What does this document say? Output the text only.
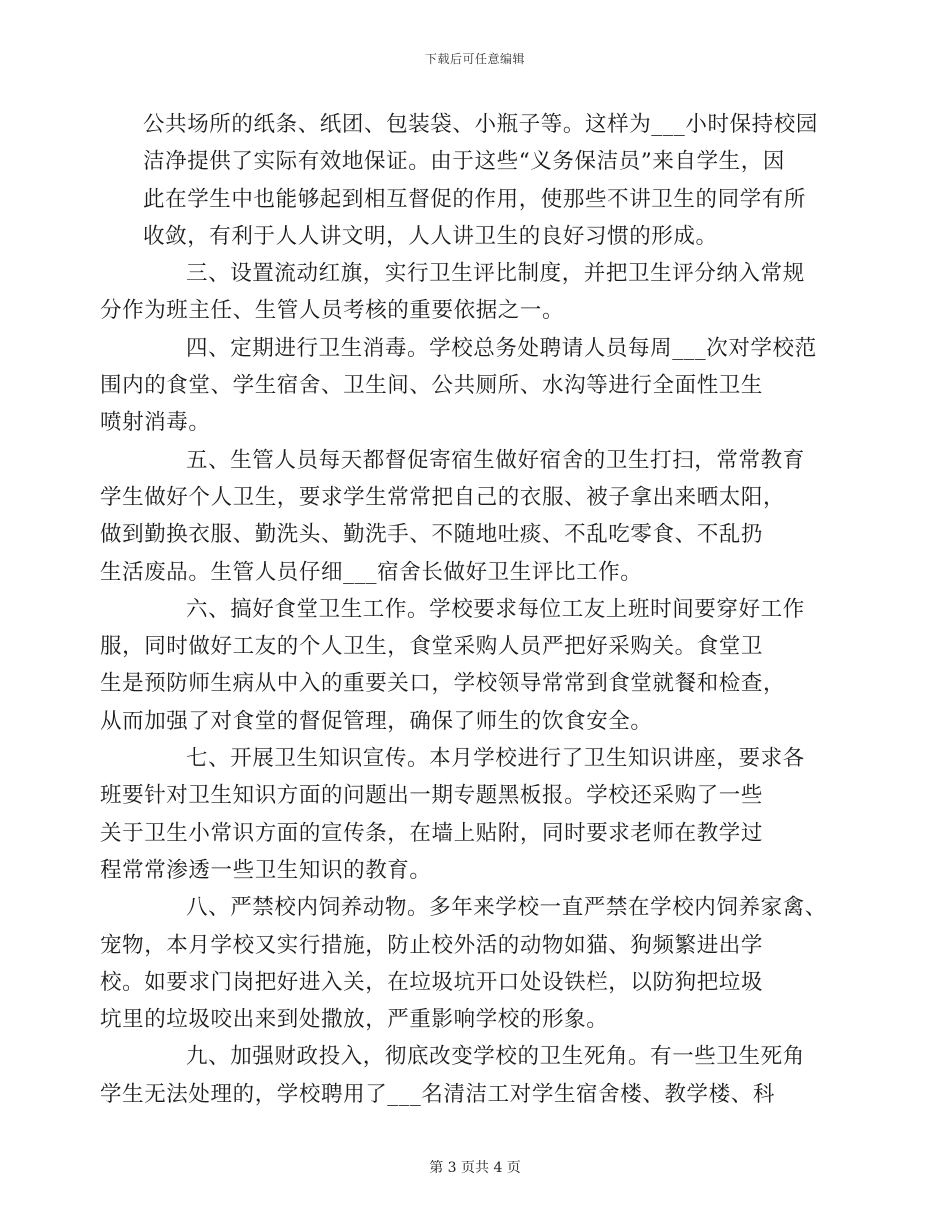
下载后可任意编辑
公共场所的纸条、纸团、包装袋、小瓶子等。这样为___小时保持校园
洁净提供了实际有效地保证。由于这些“义务保洁员”来自学生，因
此在学生中也能够起到相互督促的作用，使那些不讲卫生的同学有所
收敛，有利于人人讲文明，人人讲卫生的良好习惯的形成。
三、设置流动红旗，实行卫生评比制度，并把卫生评分纳入常规
分作为班主任、生管人员考核的重要依据之一。
四、定期进行卫生消毒。学校总务处聘请人员每周___次对学校范
围内的食堂、学生宿舍、卫生间、公共厕所、水沟等进行全面性卫生
喷射消毒。
五、生管人员每天都督促寄宿生做好宿舍的卫生打扫，常常教育
学生做好个人卫生，要求学生常常把自己的衣服、被子拿出来晒太阳，
做到勤换衣服、勤洗头、勤洗手、不随地吐痰、不乱吃零食、不乱扔
生活废品。生管人员仔细___宿舍长做好卫生评比工作。
六、搞好食堂卫生工作。学校要求每位工友上班时间要穿好工作
服，同时做好工友的个人卫生，食堂采购人员严把好采购关。食堂卫
生是预防师生病从中入的重要关口，学校领导常常到食堂就餐和检查，
从而加强了对食堂的督促管理，确保了师生的饮食安全。
七、开展卫生知识宣传。本月学校进行了卫生知识讲座，要求各
班要针对卫生知识方面的问题出一期专题黑板报。学校还采购了一些
关于卫生小常识方面的宣传条，在墙上贴附，同时要求老师在教学过
程常常渗透一些卫生知识的教育。
八、严禁校内饲养动物。多年来学校一直严禁在学校内饲养家禽、
宠物，本月学校又实行措施，防止校外活的动物如猫、狗频繁进出学
校。如要求门岗把好进入关，在垃圾坑开口处设铁栏，以防狗把垃圾
坑里的垃圾咬出来到处撒放，严重影响学校的形象。
九、加强财政投入，彻底改变学校的卫生死角。有一些卫生死角
学生无法处理的，学校聘用了___名清洁工对学生宿舍楼、教学楼、科
第 3 页共 4 页
